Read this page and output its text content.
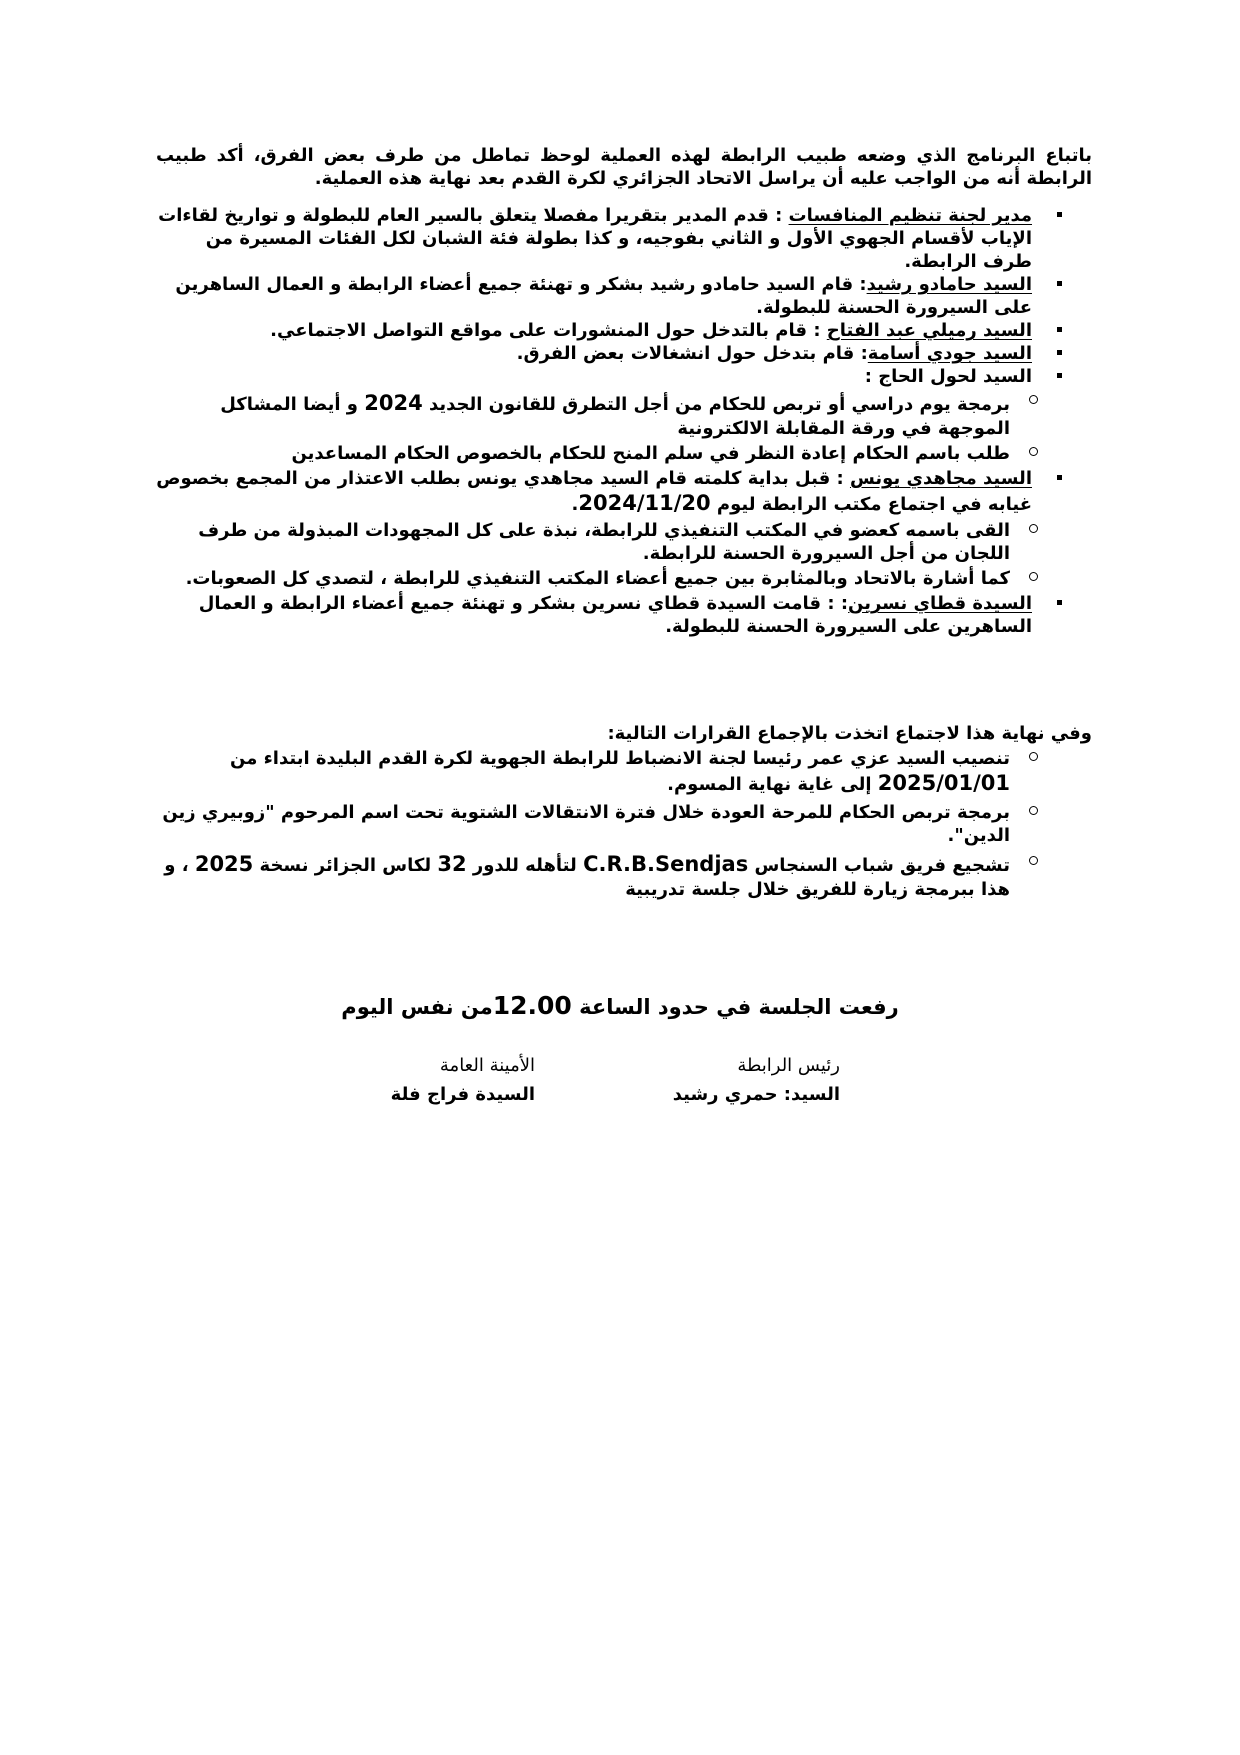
باتباع البرنامج الذي وضعه طبيب الرابطة لهذه العملية لوحظ تماطل من طرف بعض الفرق، أكد طبيب الرابطة أنه من الواجب عليه أن يراسل الاتحاد الجزائري لكرة القدم بعد نهاية هذه العملية.

مدير لجنة تنظيم المنافسات : قدم المدير بتقريرا مفصلا يتعلق بالسير العام للبطولة و تواريخ لقاءات الإياب لأقسام الجهوي الأول و الثاني بفوجيه، و كذا بطولة فئة الشبان لكل الفئات المسيرة من طرف الرابطة.

السيد حامادو رشيد: قام السيد حامادو رشيد بشكر و تهنئة جميع أعضاء الرابطة و العمال الساهرين على السيرورة الحسنة للبطولة.

السيد رميلي عبد الفتاح : قام بالتدخل حول المنشورات على مواقع التواصل الاجتماعي.

السيد جودي أسامة: قام بتدخل حول انشغالات بعض الفرق.

السيد لحول الحاج :

برمجة يوم دراسي أو تربص للحكام من أجل التطرق للقانون الجديد 2024 و أيضا المشاكل الموجهة في ورقة المقابلة الالكترونية

طلب باسم الحكام إعادة النظر في سلم المنح للحكام بالخصوص الحكام المساعدين

السيد مجاهدي يونس : قبل بداية كلمته قام السيد مجاهدي يونس بطلب الاعتذار من المجمع بخصوص غيابه في اجتماع مكتب الرابطة ليوم 2024/11/20.

القى باسمه كعضو في المكتب التنفيذي للرابطة، نبذة على كل المجهودات المبذولة من طرف اللجان من أجل السيرورة الحسنة للرابطة.

كما أشارة بالاتحاد وبالمثابرة بين جميع أعضاء المكتب التنفيذي للرابطة ، لتصدي كل الصعوبات.

السيدة قطاي نسرين: : قامت السيدة قطاي نسرين بشكر و تهنئة جميع أعضاء الرابطة و العمال الساهرين على السيرورة الحسنة للبطولة.

وفي نهاية هذا لاجتماع اتخذت بالإجماع القرارات التالية:

تنصيب السيد عزي عمر رئيسا لجنة الانضباط للرابطة الجهوية لكرة القدم البليدة ابتداء من 2025/01/01 إلى غاية نهاية المسوم.

برمجة تربص الحكام للمرحة العودة خلال فترة الانتقالات الشتوية تحت اسم المرحوم "زوبيري زين الدين".

تشجيع فريق شباب السنجاس C.R.B.Sendjas لتأهله للدور 32 لكاس الجزائر نسخة 2025 ، و هذا ببرمجة زيارة للفريق خلال جلسة تدريبية

رفعت الجلسة في حدود الساعة 12.00من نفس اليوم
الأمينة العامة
السيدة فراج فلة
رئيس الرابطة
السيد: حمري رشيد
